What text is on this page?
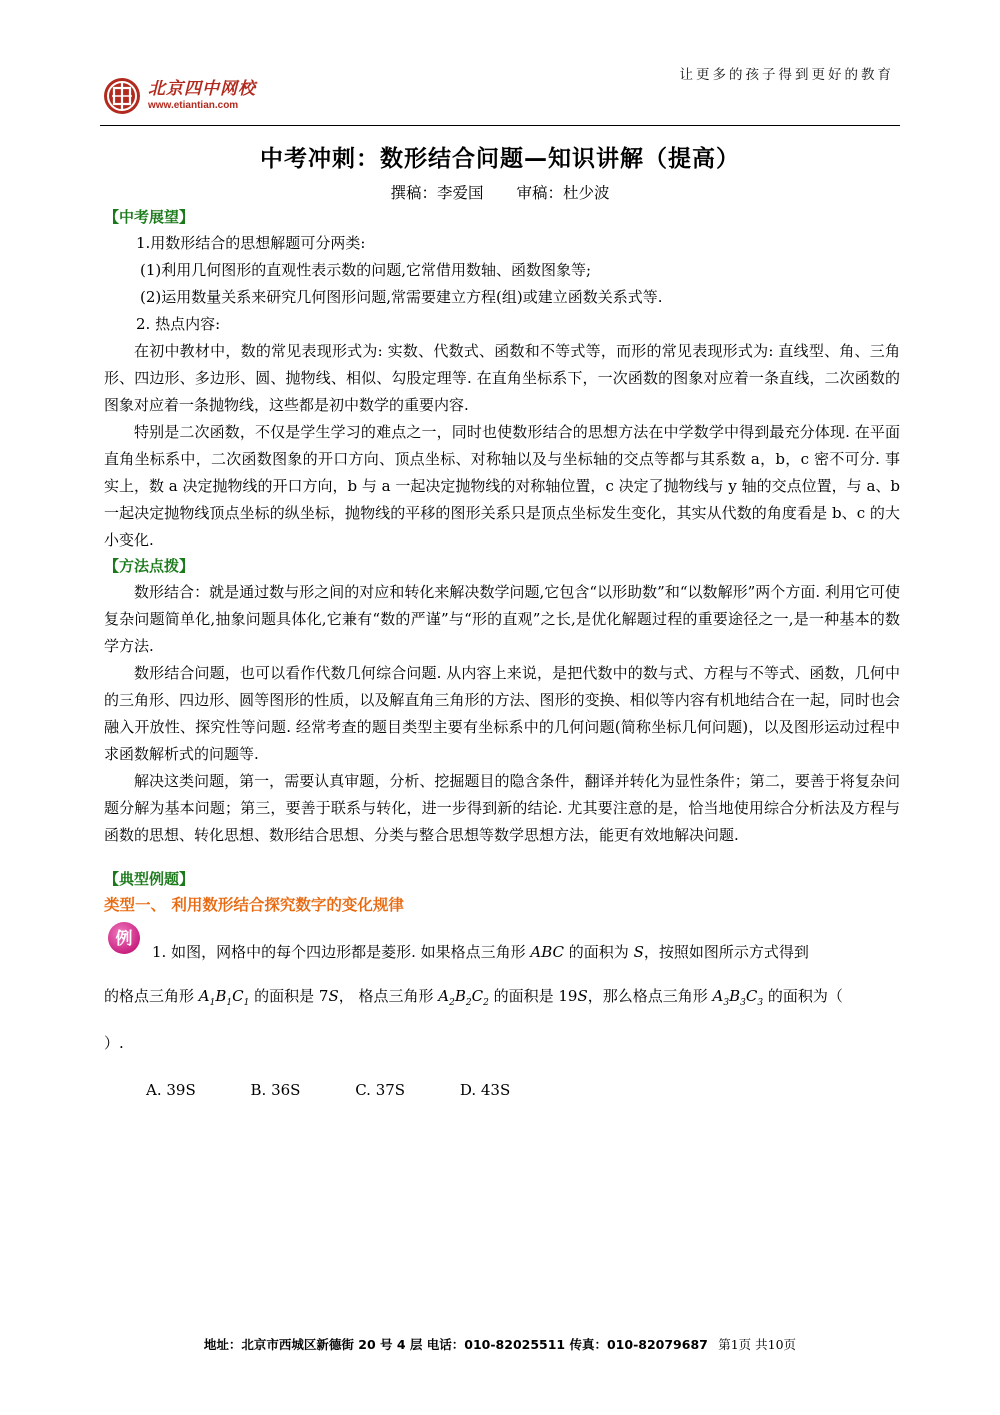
北京四中网校
www.etiantian.com
让更多的孩子得到更好的教育
中考冲刺：数形结合问题—知识讲解（提高）
撰稿：李爱国 审稿：杜少波
【中考展望】
1.用数形结合的思想解题可分两类:
(1)利用几何图形的直观性表示数的问题,它常借用数轴、函数图象等;
(2)运用数量关系来研究几何图形问题,常需要建立方程(组)或建立函数关系式等.
2. 热点内容:
在初中教材中，数的常见表现形式为: 实数、代数式、函数和不等式等，而形的常见表现形式为: 直线型、角、三角形、四边形、多边形、圆、抛物线、相似、勾股定理等. 在直角坐标系下，一次函数的图象对应着一条直线，二次函数的图象对应着一条抛物线，这些都是初中数学的重要内容.
特别是二次函数，不仅是学生学习的难点之一，同时也使数形结合的思想方法在中学数学中得到最充分体现. 在平面直角坐标系中，二次函数图象的开口方向、顶点坐标、对称轴以及与坐标轴的交点等都与其系数 a，b，c 密不可分. 事实上，数 a 决定抛物线的开口方向，b 与 a 一起决定抛物线的对称轴位置，c 决定了抛物线与 y 轴的交点位置，与 a、b 一起决定抛物线顶点坐标的纵坐标，抛物线的平移的图形关系只是顶点坐标发生变化，其实从代数的角度看是 b、c 的大小变化.
【方法点拨】
数形结合：就是通过数与形之间的对应和转化来解决数学问题,它包含“以形助数”和“以数解形”两个方面. 利用它可使复杂问题简单化,抽象问题具体化,它兼有“数的严谨”与“形的直观”之长,是优化解题过程的重要途径之一,是一种基本的数学方法.
数形结合问题，也可以看作代数几何综合问题. 从内容上来说，是把代数中的数与式、方程与不等式、函数，几何中的三角形、四边形、圆等图形的性质，以及解直角三角形的方法、图形的变换、相似等内容有机地结合在一起，同时也会融入开放性、探究性等问题. 经常考查的题目类型主要有坐标系中的几何问题(简称坐标几何问题)，以及图形运动过程中求函数解析式的问题等.
解决这类问题，第一，需要认真审题，分析、挖掘题目的隐含条件，翻译并转化为显性条件；第二，要善于将复杂问题分解为基本问题；第三，要善于联系与转化，进一步得到新的结论. 尤其要注意的是，恰当地使用综合分析法及方程与函数的思想、转化思想、数形结合思想、分类与整合思想等数学思想方法，能更有效地解决问题.
【典型例题】
类型一、 利用数形结合探究数字的变化规律
例
1. 如图，网格中的每个四边形都是菱形. 如果格点三角形 ABC 的面积为 S，按照如图所示方式得到
的格点三角形 $A_1B_1C_1$ 的面积是 7S， 格点三角形 $A_2B_2C_2$ 的面积是 19S，那么格点三角形 $A_3B_3C_3$ 的面积为（
）.
A. 39S	B. 36S	C. 37S	D. 43S
地址：北京市西城区新德街 20 号 4 层 电话：010-82025511 传真：010-82079687 第1页 共10页
